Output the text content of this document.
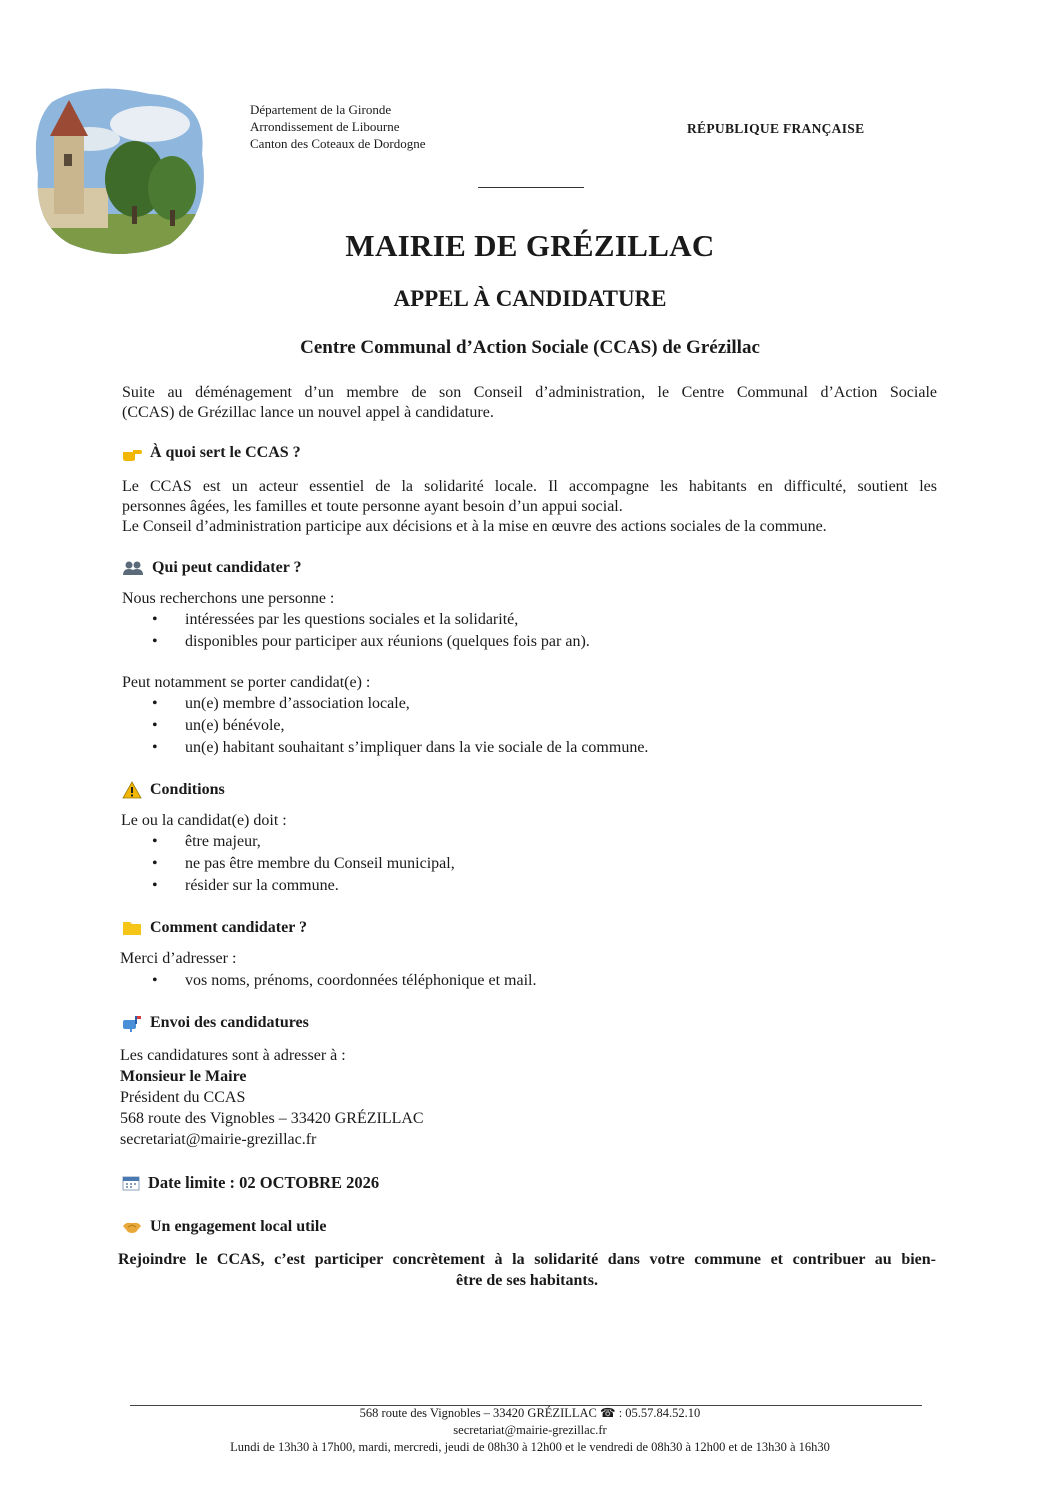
Département de la Gironde
Arrondissement de Libourne
Canton des Coteaux de Dordogne
RÉPUBLIQUE FRANÇAISE
MAIRIE DE GRÉZILLAC
APPEL À CANDIDATURE
Centre Communal d’Action Sociale (CCAS) de Grézillac
Suite au déménagement d’un membre de son Conseil d’administration, le Centre Communal d’Action Sociale
(CCAS) de Grézillac lance un nouvel appel à candidature.
À quoi sert le CCAS ?
Le CCAS est un acteur essentiel de la solidarité locale. Il accompagne les habitants en difficulté, soutient les
personnes âgées, les familles et toute personne ayant besoin d’un appui social.
Le Conseil d’administration participe aux décisions et à la mise en œuvre des actions sociales de la commune.
Qui peut candidater ?
Nous recherchons une personne :
• intéressées par les questions sociales et la solidarité,
• disponibles pour participer aux réunions (quelques fois par an).
Peut notamment se porter candidat(e) :
• un(e) membre d’association locale,
• un(e) bénévole,
• un(e) habitant souhaitant s’impliquer dans la vie sociale de la commune.
Conditions
Le ou la candidat(e) doit :
• être majeur,
• ne pas être membre du Conseil municipal,
• résider sur la commune.
Comment candidater ?
Merci d’adresser :
• vos noms, prénoms, coordonnées téléphonique et mail.
Envoi des candidatures
Les candidatures sont à adresser à :
Monsieur le Maire
Président du CCAS
568 route des Vignobles – 33420 GRÉZILLAC
secretariat@mairie-grezillac.fr
Date limite : 02 OCTOBRE 2026
Un engagement local utile
Rejoindre le CCAS, c’est participer concrètement à la solidarité dans votre commune et contribuer au bien-
être de ses habitants.
568 route des Vignobles – 33420 GRÉZILLAC ☎ : 05.57.84.52.10
secretariat@mairie-grezillac.fr
Lundi de 13h30 à 17h00, mardi, mercredi, jeudi de 08h30 à 12h00 et le vendredi de 08h30 à 12h00 et de 13h30 à 16h30
